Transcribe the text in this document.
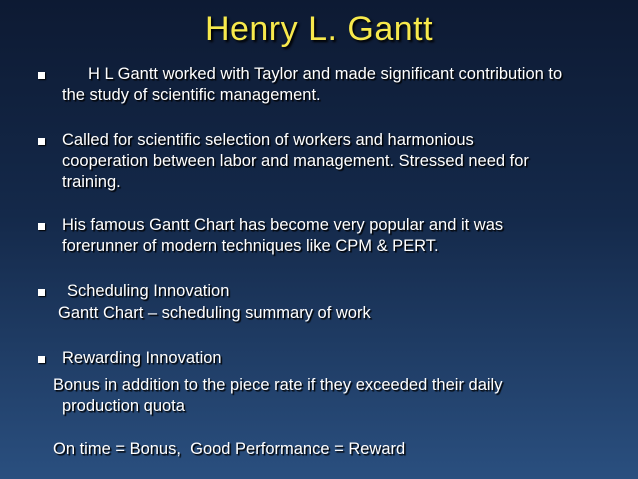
Henry L. Gantt
H L Gantt worked with Taylor and made significant contribution to
the study of scientific management.
Called for scientific selection of workers and harmonious
cooperation between labor and management. Stressed need for
training.
His famous Gantt Chart has become very popular and it was
forerunner of modern techniques like CPM & PERT.
Scheduling Innovation
Gantt Chart – scheduling summary of work
Rewarding Innovation
Bonus in addition to the piece rate if they exceeded their daily
production quota
On time = Bonus,  Good Performance = Reward
